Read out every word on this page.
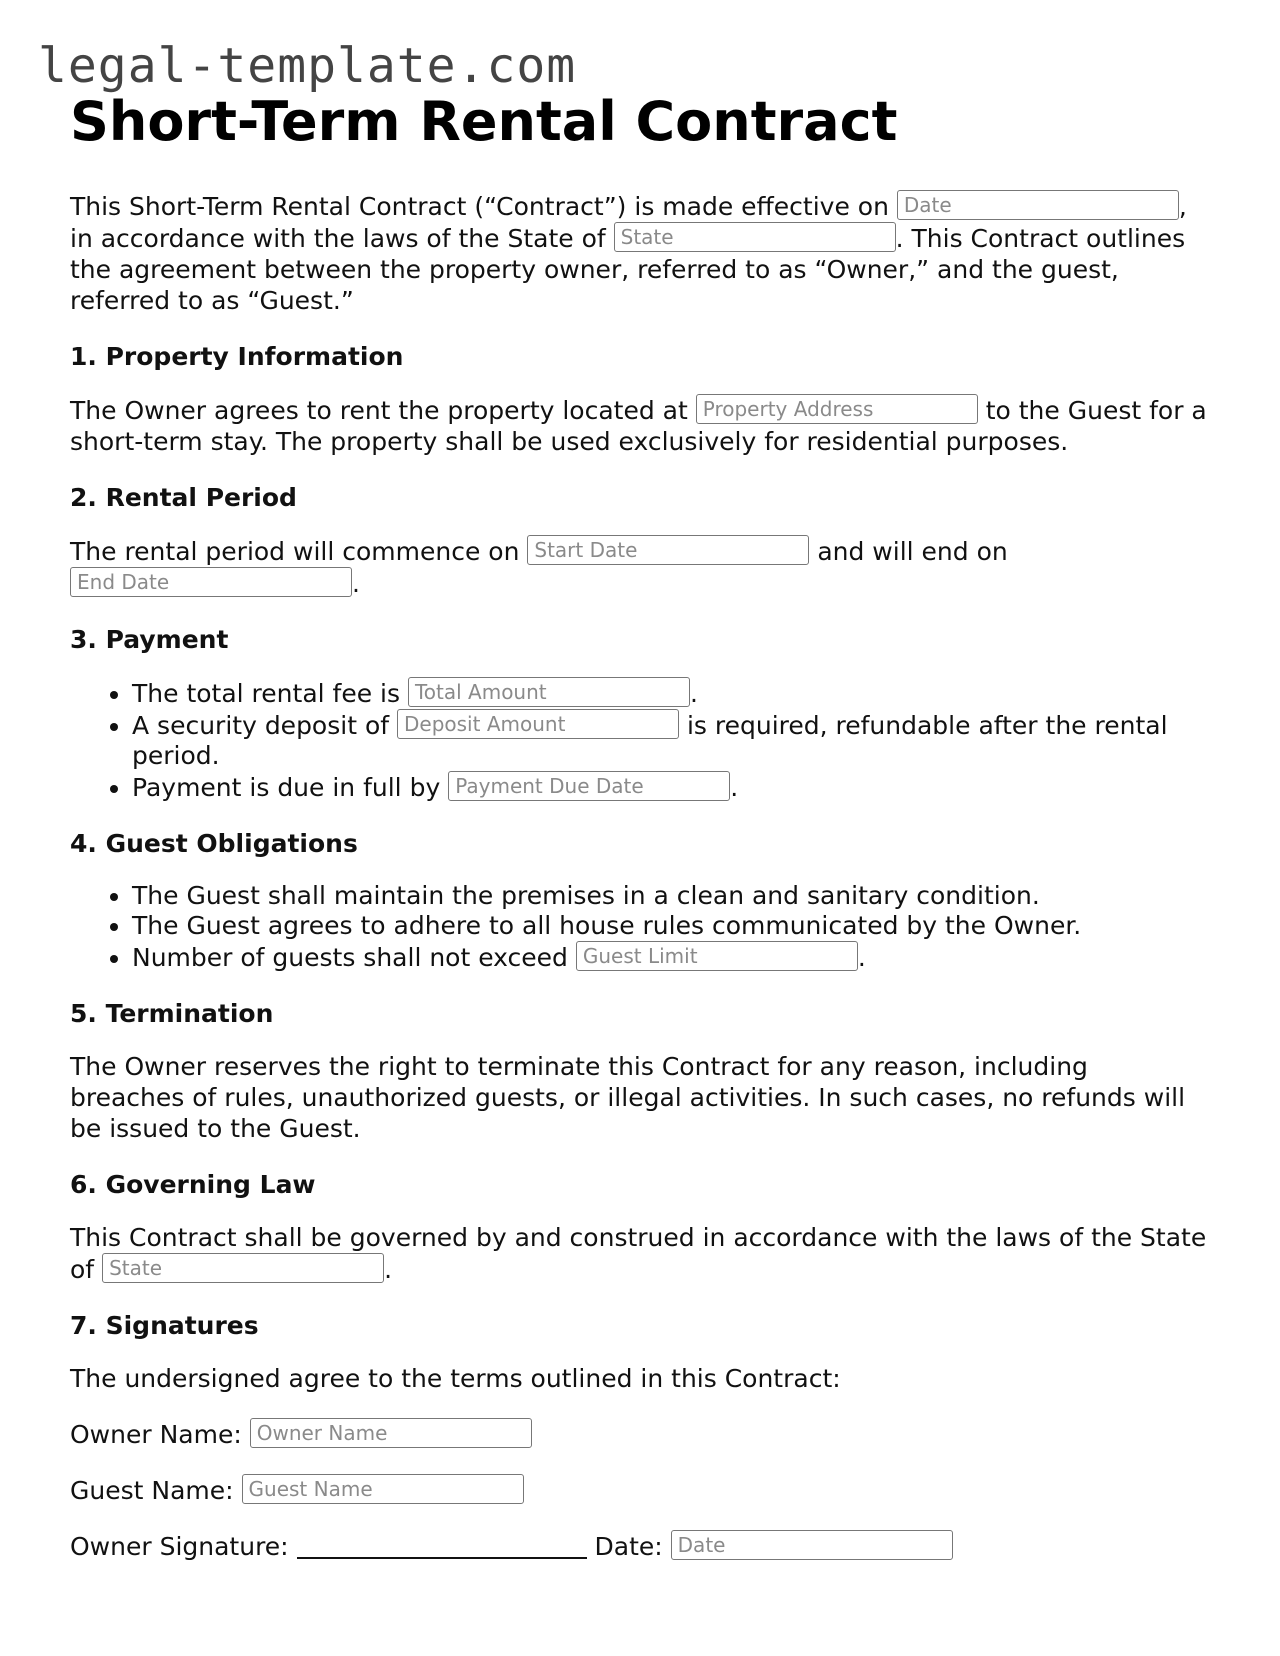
legal-template.com
Short-Term Rental Contract

This Short-Term Rental Contract (“Contract”) is made effective on Date	, in accordance with the laws of the State of State	. This Contract outlines the agreement between the property owner, referred to as “Owner,” and the guest, referred to as “Guest.”

1. Property Information

The Owner agrees to rent the property located at Property Address	to the Guest for a short-term stay. The property shall be used exclusively for residential purposes.

2. Rental Period

The rental period will commence on Start Date	and will end on
End Date	.

3. Payment
• The total rental fee is Total Amount	.
• A security deposit of Deposit Amount	is required, refundable after the rental period.
• Payment is due in full by Payment Due Date	.
4. Guest Obligations
• The Guest shall maintain the premises in a clean and sanitary condition.
• The Guest agrees to adhere to all house rules communicated by the Owner.
• Number of guests shall not exceed Guest Limit	.
5. Termination

The Owner reserves the right to terminate this Contract for any reason, including breaches of rules, unauthorized guests, or illegal activities. In such cases, no refunds will be issued to the Guest.

6. Governing Law

This Contract shall be governed by and construed in accordance with the laws of the State of State	.

7. Signatures

The undersigned agree to the terms outlined in this Contract:

Owner Name: Owner Name

Guest Name: Guest Name

Owner Signature:	Date: Date
